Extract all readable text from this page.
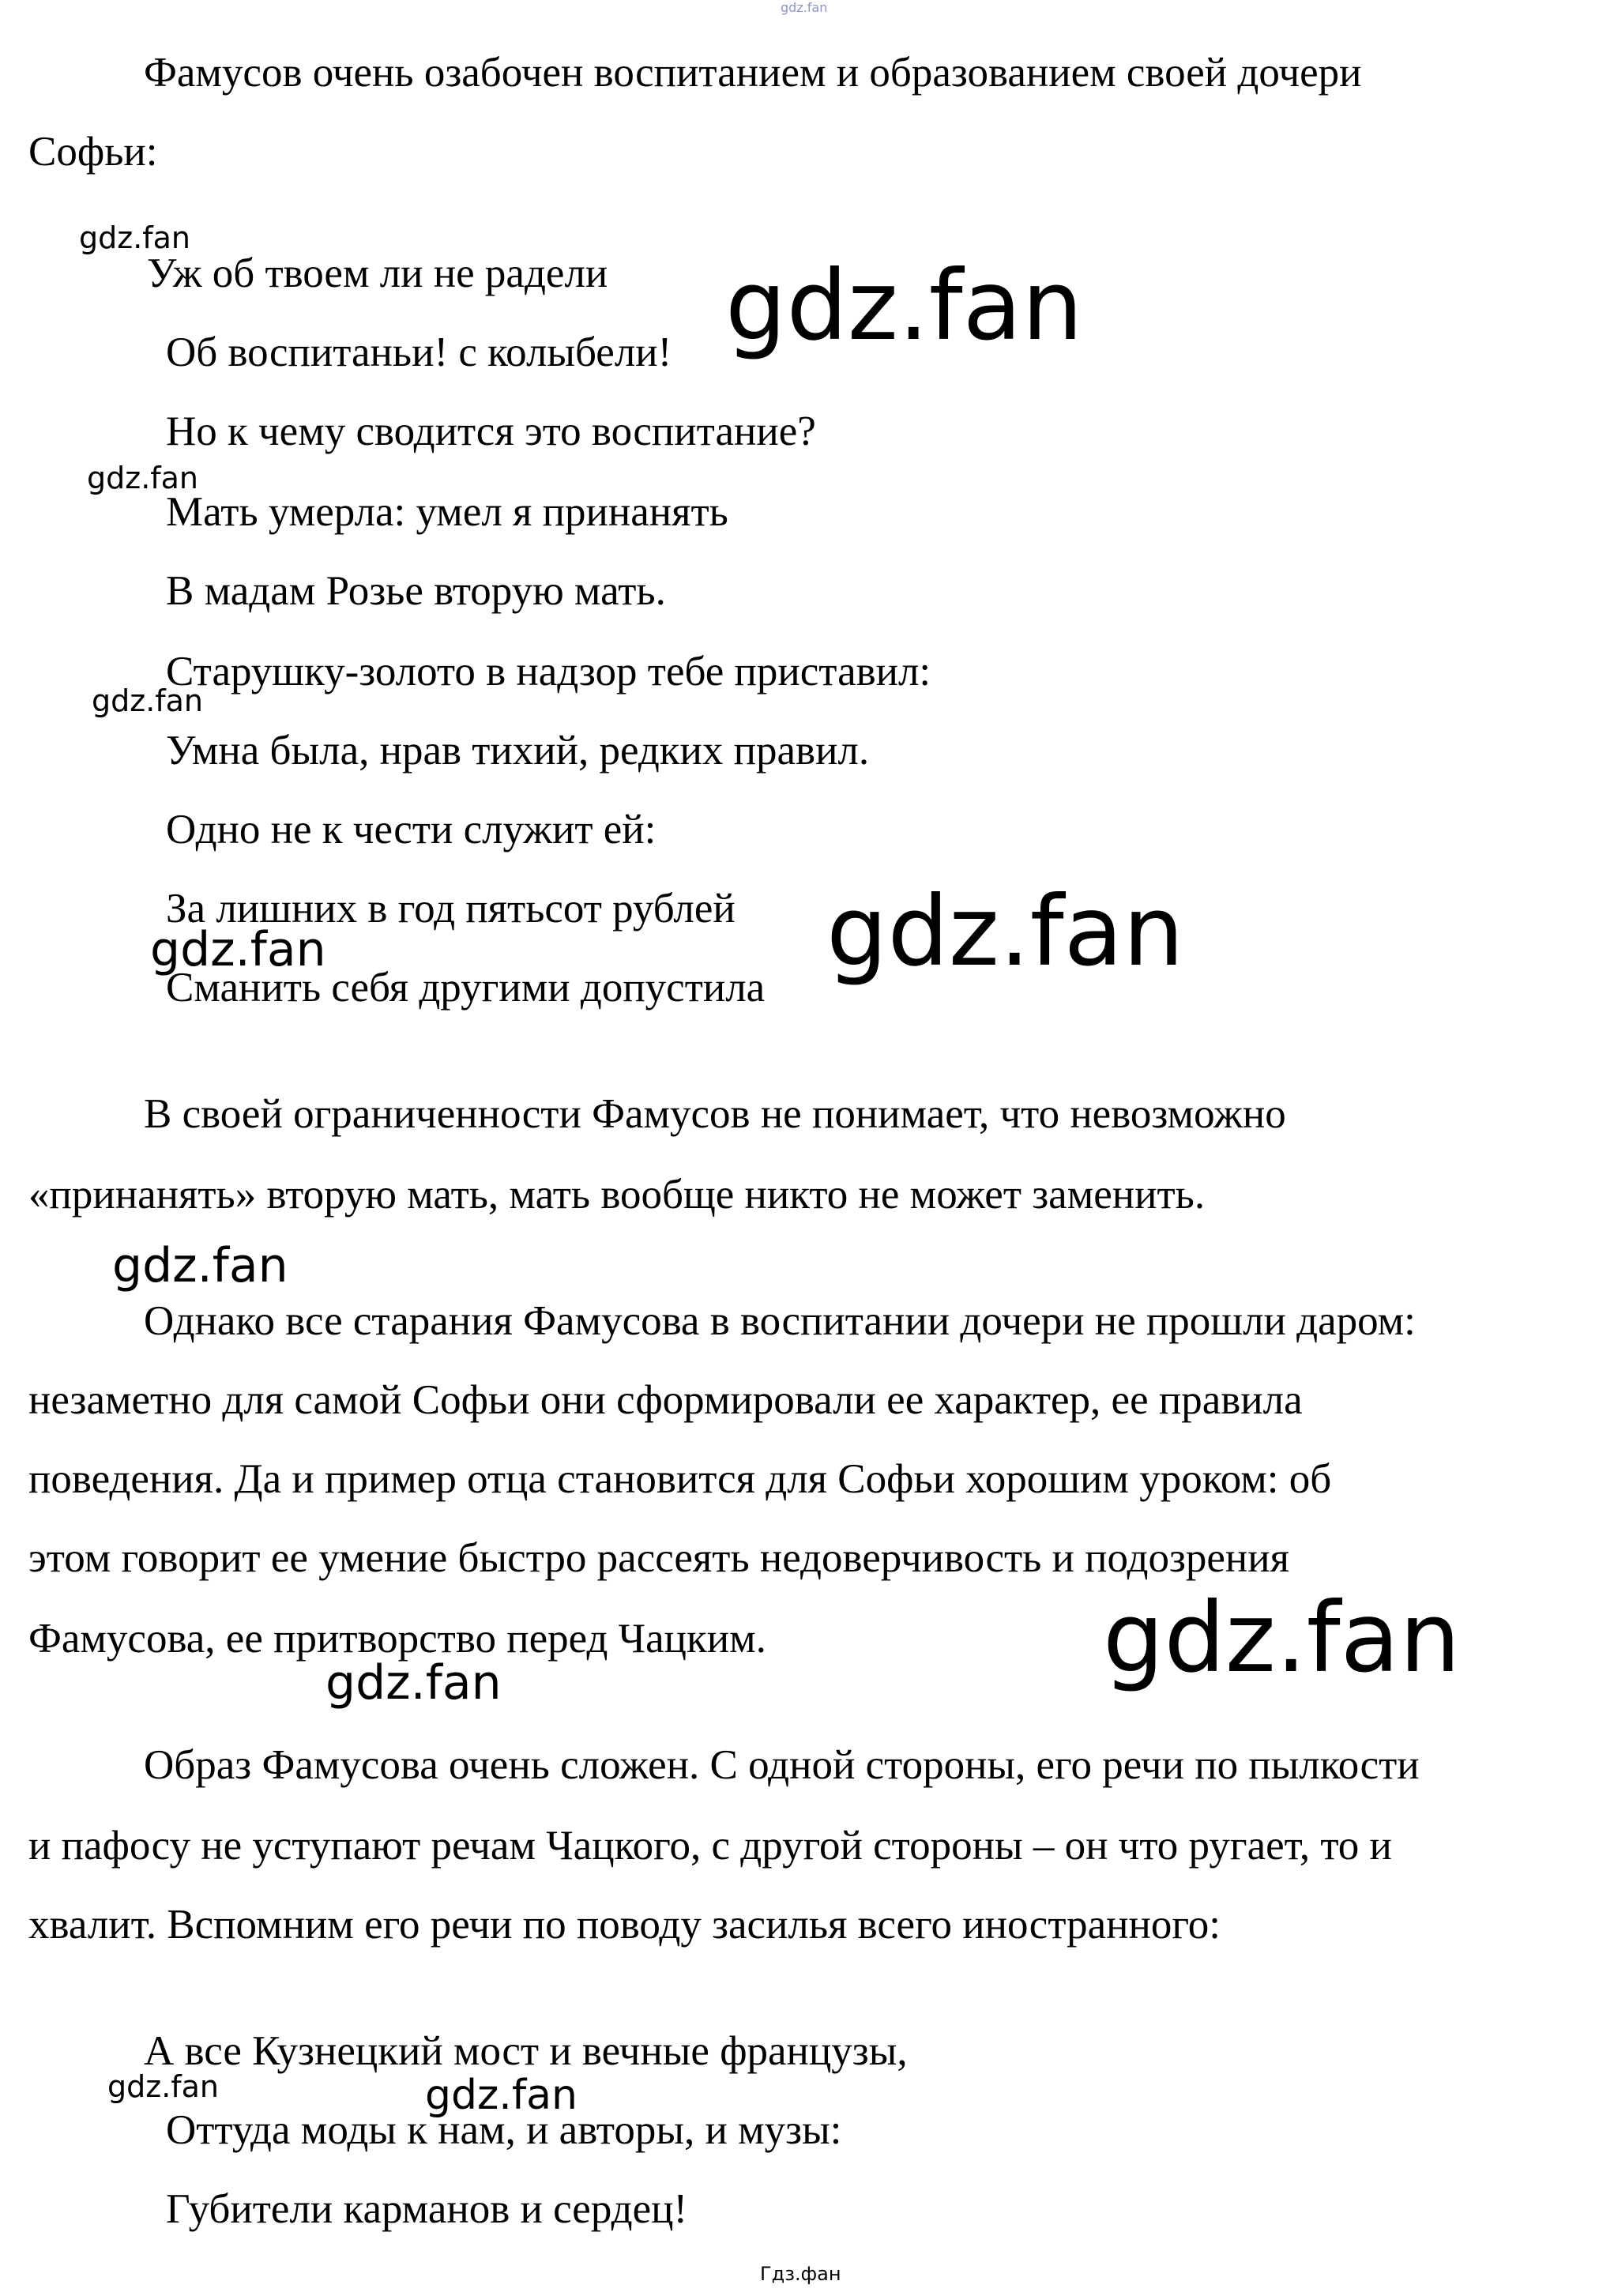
gdz.fan

Фамусов очень озабочен воспитанием и образованием своей дочери

Софьи:

Уж об твоем ли не радели

Об воспитаньи! с колыбели!

Но к чему сводится это воспитание?

Мать умерла: умел я принанять

В мадам Розье вторую мать.

Старушку-золото в надзор тебе приставил:

Умна была, нрав тихий, редких правил.

Одно не к чести служит ей:

За лишних в год пятьсот рублей

Сманить себя другими допустила

В своей ограниченности Фамусов не понимает, что невозможно

«принанять» вторую мать, мать вообще никто не может заменить.

Однако все старания Фамусова в воспитании дочери не прошли даром:

незаметно для самой Софьи они сформировали ее характер, ее правила

поведения. Да и пример отца становится для Софьи хорошим уроком: об

этом говорит ее умение быстро рассеять недоверчивость и подозрения

Фамусова, ее притворство перед Чацким.

Образ Фамусова очень сложен. С одной стороны, его речи по пылкости

и пафосу не уступают речам Чацкого, с другой стороны – он что ругает, то и

хвалит. Вспомним его речи по поводу засилья всего иностранного:

А все Кузнецкий мост и вечные французы,

Оттуда моды к нам, и авторы, и музы:

Губители карманов и сердец!

gdz.fan
gdz.fan
gdz.fan
gdz.fan
gdz.fan	gdz.fan
gdz.fan
gdz.fan
gdz.fan
gdz.fan	gdz.fan
Гдз.фан
